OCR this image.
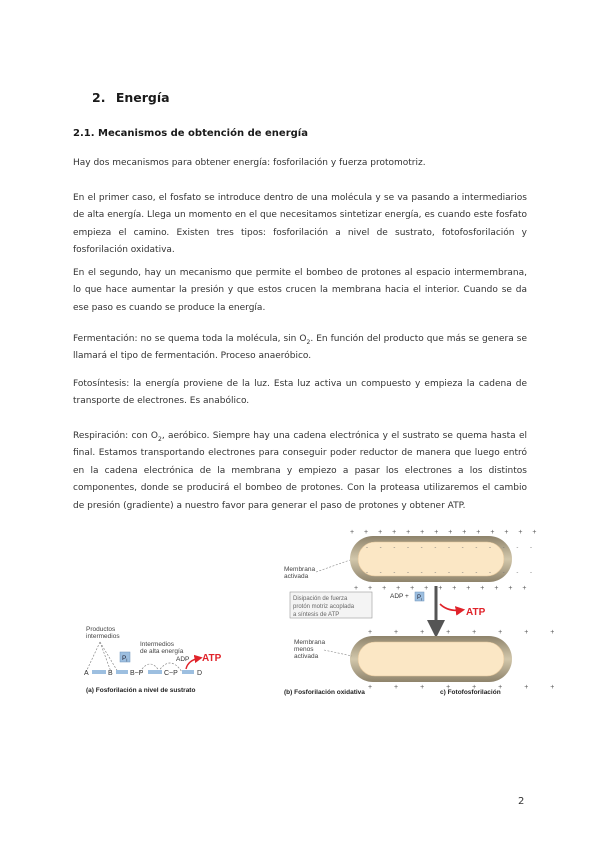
2. Energía
2.1. Mecanismos de obtención de energía
Hay dos mecanismos para obtener energía: fosforilación y fuerza protomotriz.
En el primer caso, el fosfato se introduce dentro de una molécula y se va pasando a intermediarios de alta energía. Llega un momento en el que necesitamos sintetizar energía, es cuando este fosfato empieza el camino. Existen tres tipos: fosforilación a nivel de sustrato, fotofosforilación y fosforilación oxidativa.
En el segundo, hay un mecanismo que permite el bombeo de protones al espacio intermembrana, lo que hace aumentar la presión y que estos crucen la membrana hacia el interior. Cuando se da ese paso es cuando se produce la energía.
Fermentación: no se quema toda la molécula, $\sin O_2$. En función del producto que más se genera se llamará el tipo de fermentación. Proceso anaeróbico.
Fotosíntesis: la energía proviene de la luz. Esta luz activa un compuesto y empieza la cadena de transporte de electrones. Es anabólico.
Respiración: con $O_2$, aeróbico. Siempre hay una cadena electrónica y el sustrato se quema hasta el final. Estamos transportando electrones para conseguir poder reductor de manera que luego entró en la cadena electrónica de la membrana y empiezo a pasar los electrones a los distintos componentes, donde se producirá el bombeo de protones. Con la proteasa utilizaremos el cambio de presión (gradiente) a nuestro favor para generar el paso de protones y obtener ATP.
Productos
intermedios
$P_i$
Intermedios
de alta energía
A	B B~P	C~P	D
ADP ATP
(a) Fosforilación a nivel de sustrato
+ + + + + + + + + + + + + +
+ + + + + + + + + + + + +
- - - - - - - - - - - - -
- - - - - - - - - - - - -
Membrana
activada
Disipación de fuerza
protón motriz acoplada
a síntesis de ATP
ADP + $P_i$
ATP
+ + + + + + + +
+ + + + + + + +
Membrana
menos
activada
(b) Fosforilación oxidativa	c) Fotofosforilación
2
